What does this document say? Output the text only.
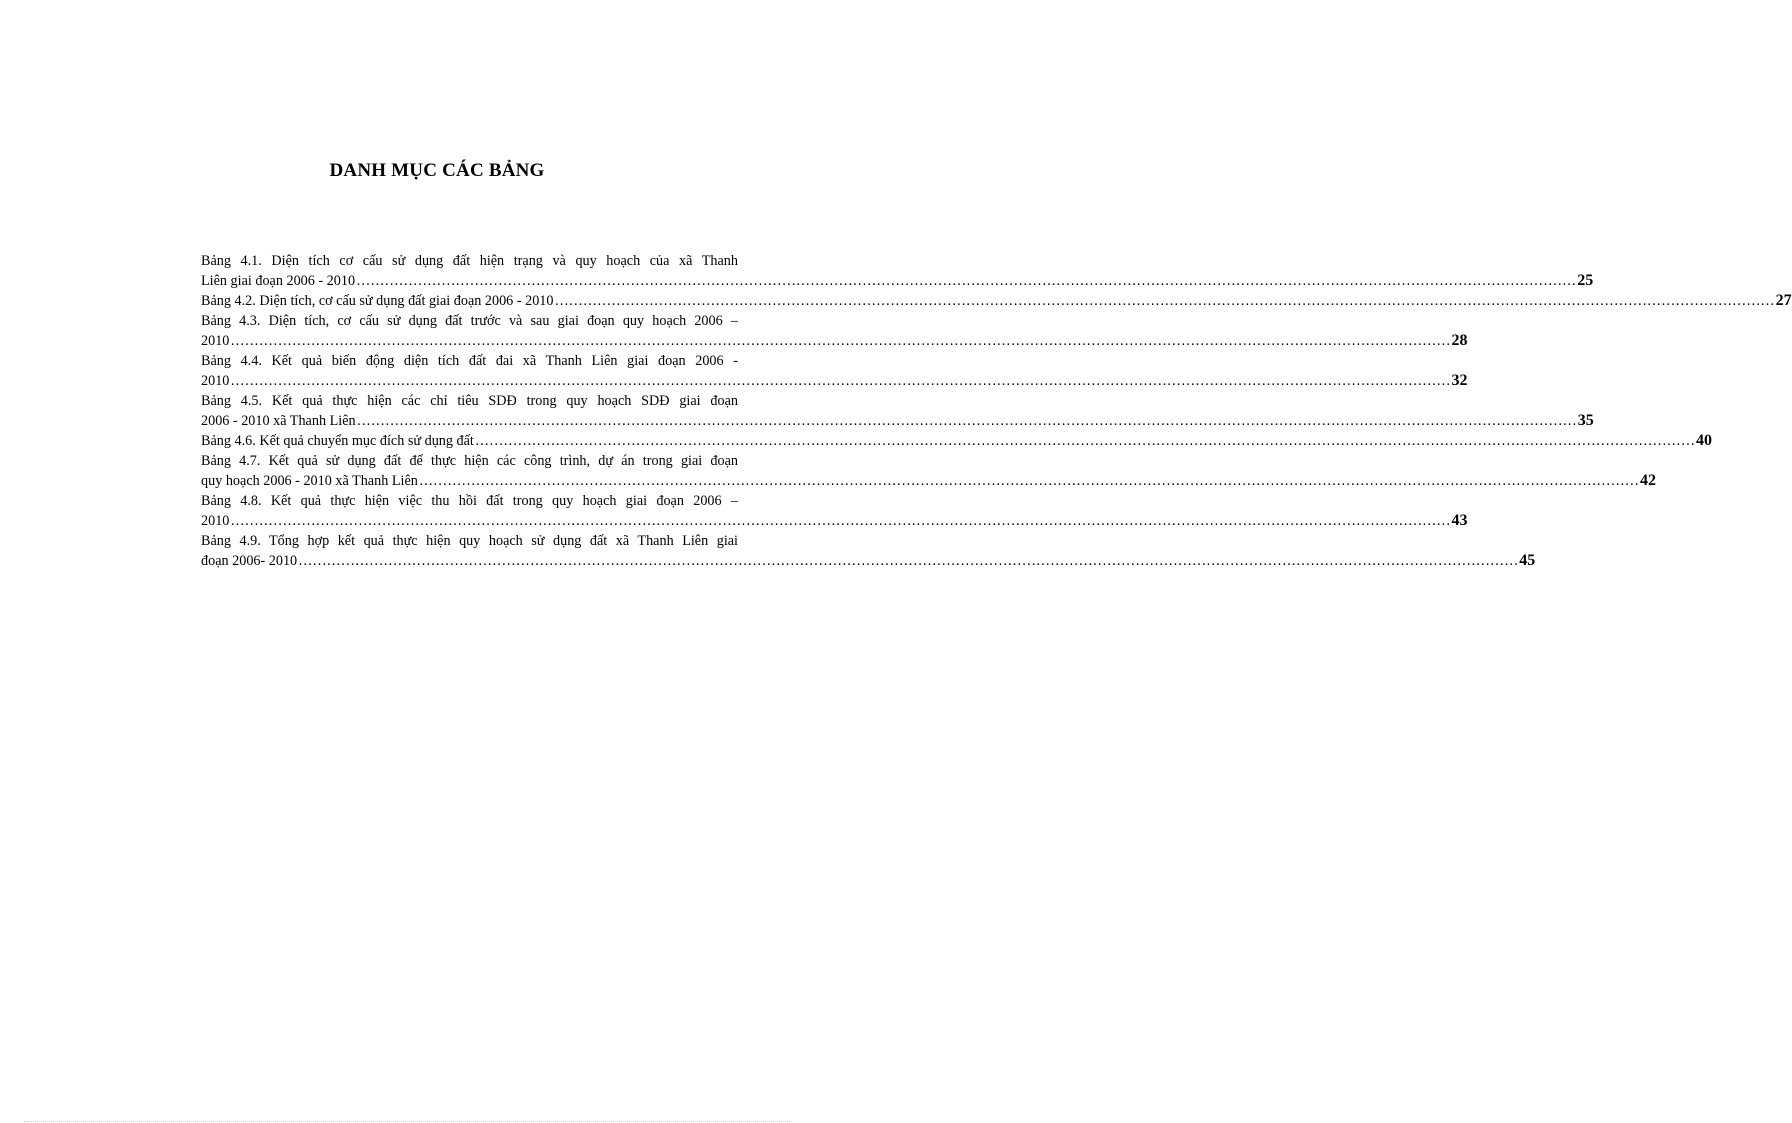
DANH MỤC CÁC BẢNG
Bảng 4.1. Diện tích cơ cấu sử dụng đất hiện trạng và quy hoạch của xã Thanh
Liên giai đoạn 2006 - 2010 …………………………………………………………………………………………………………………………………………………………………………………………………………………………………… 25
Bảng 4.2. Diện tích, cơ cấu sử dụng đất giai đoạn 2006 - 2010 …………………………………………………………………………………………………………………………………………………………………………………………………………………………………… 27
Bảng 4.3. Diện tích, cơ cấu sử dụng đất trước và sau giai đoạn quy hoạch 2006 –
2010 …………………………………………………………………………………………………………………………………………………………………………………………………………………………………… 28
Bảng 4.4. Kết quả biến động diện tích đất đai xã Thanh Liên giai đoạn 2006 -
2010 …………………………………………………………………………………………………………………………………………………………………………………………………………………………………… 32
Bảng 4.5. Kết quả thực hiện các chỉ tiêu SDĐ trong quy hoạch SDĐ giai đoạn
2006 - 2010 xã Thanh Liên …………………………………………………………………………………………………………………………………………………………………………………………………………………………………… 35
Bảng 4.6. Kết quả chuyển mục đích sử dụng đất …………………………………………………………………………………………………………………………………………………………………………………………………………………………………… 40
Bảng 4.7. Kết quả sử dụng đất để thực hiện các công trình, dự án trong giai đoạn
quy hoạch 2006 - 2010 xã Thanh Liên …………………………………………………………………………………………………………………………………………………………………………………………………………………………………… 42
Bảng 4.8. Kết quả thực hiện việc thu hồi đất trong quy hoạch giai đoạn 2006 –
2010 …………………………………………………………………………………………………………………………………………………………………………………………………………………………………… 43
Bảng 4.9. Tổng hợp kết quả thực hiện quy hoạch sử dụng đất xã Thanh Liên giai
đoạn 2006- 2010 …………………………………………………………………………………………………………………………………………………………………………………………………………………………………… 45
